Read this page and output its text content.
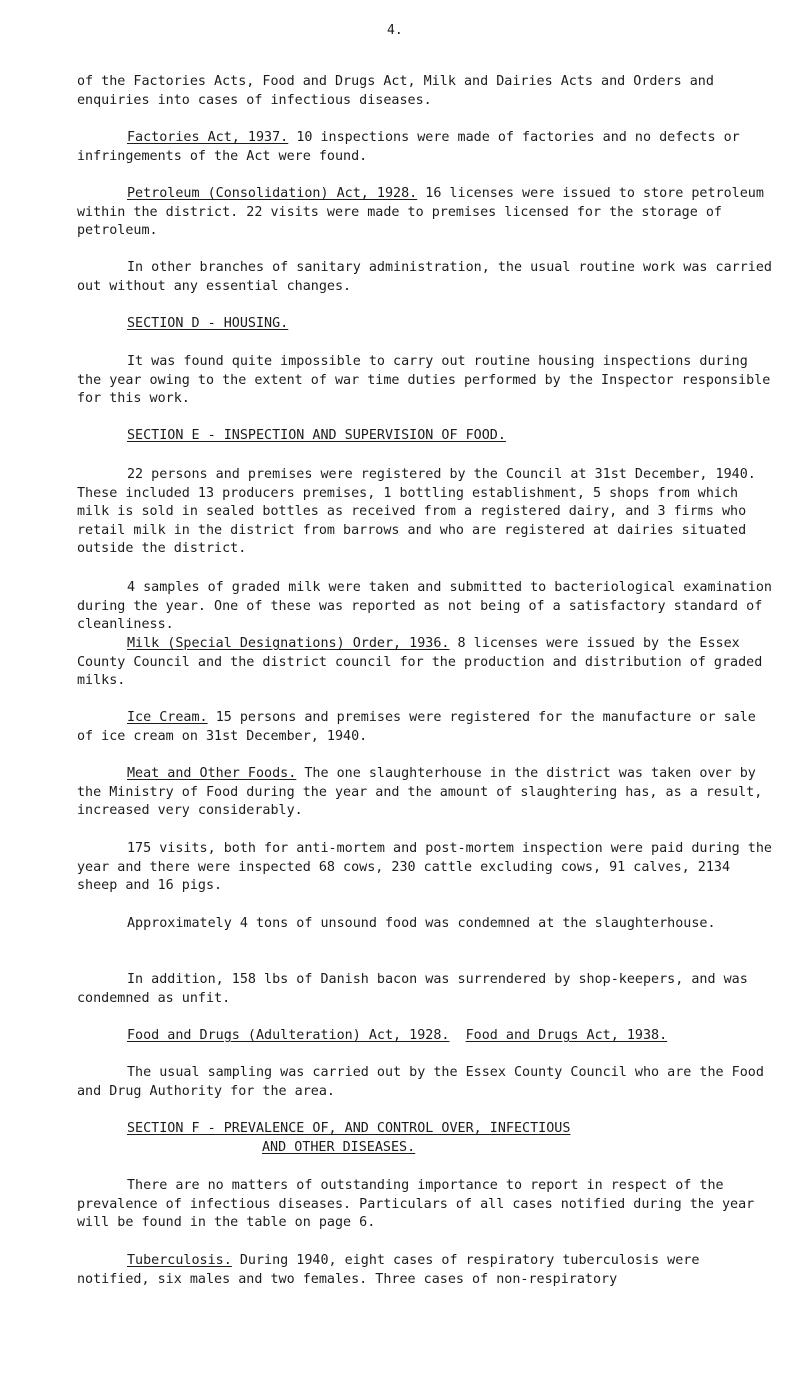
4.

of the Factories Acts, Food and Drugs Act, Milk and Dairies Acts and Orders and enquiries into cases of infectious diseases.

Factories Act, 1937. 10 inspections were made of factories and no defects or infringements of the Act were found.

Petroleum (Consolidation) Act, 1928. 16 licenses were issued to store petroleum within the district. 22 visits were made to premises licensed for the storage of petroleum.

In other branches of sanitary administration, the usual routine work was carried out without any essential changes.

SECTION D - HOUSING.

It was found quite impossible to carry out routine housing inspections during the year owing to the extent of war time duties performed by the Inspector responsible for this work.

SECTION E - INSPECTION AND SUPERVISION OF FOOD.

22 persons and premises were registered by the Council at 31st December, 1940. These included 13 producers premises, 1 bottling establishment, 5 shops from which milk is sold in sealed bottles as received from a registered dairy, and 3 firms who retail milk in the district from barrows and who are registered at dairies situated outside the district.

4 samples of graded milk were taken and submitted to bacteriological examination during the year. One of these was reported as not being of a satisfactory standard of cleanliness.

Milk (Special Designations) Order, 1936. 8 licenses were issued by the Essex County Council and the district council for the production and distribution of graded milks.

Ice Cream. 15 persons and premises were registered for the manufacture or sale of ice cream on 31st December, 1940.

Meat and Other Foods. The one slaughterhouse in the district was taken over by the Ministry of Food during the year and the amount of slaughtering has, as a result, increased very considerably.

175 visits, both for anti-mortem and post-mortem inspection were paid during the year and there were inspected 68 cows, 230 cattle excluding cows, 91 calves, 2134 sheep and 16 pigs.

Approximately 4 tons of unsound food was condemned at the slaughterhouse.

In addition, 158 lbs of Danish bacon was surrendered by shop-keepers, and was condemned as unfit.

Food and Drugs (Adulteration) Act, 1928. Food and Drugs Act, 1938.

The usual sampling was carried out by the Essex County Council who are the Food and Drug Authority for the area.

SECTION F - PREVALENCE OF, AND CONTROL OVER, INFECTIOUS
AND OTHER DISEASES.

There are no matters of outstanding importance to report in respect of the prevalence of infectious diseases. Particulars of all cases notified during the year will be found in the table on page 6.

Tuberculosis. During 1940, eight cases of respiratory tuberculosis were notified, six males and two females. Three cases of non-respiratory
